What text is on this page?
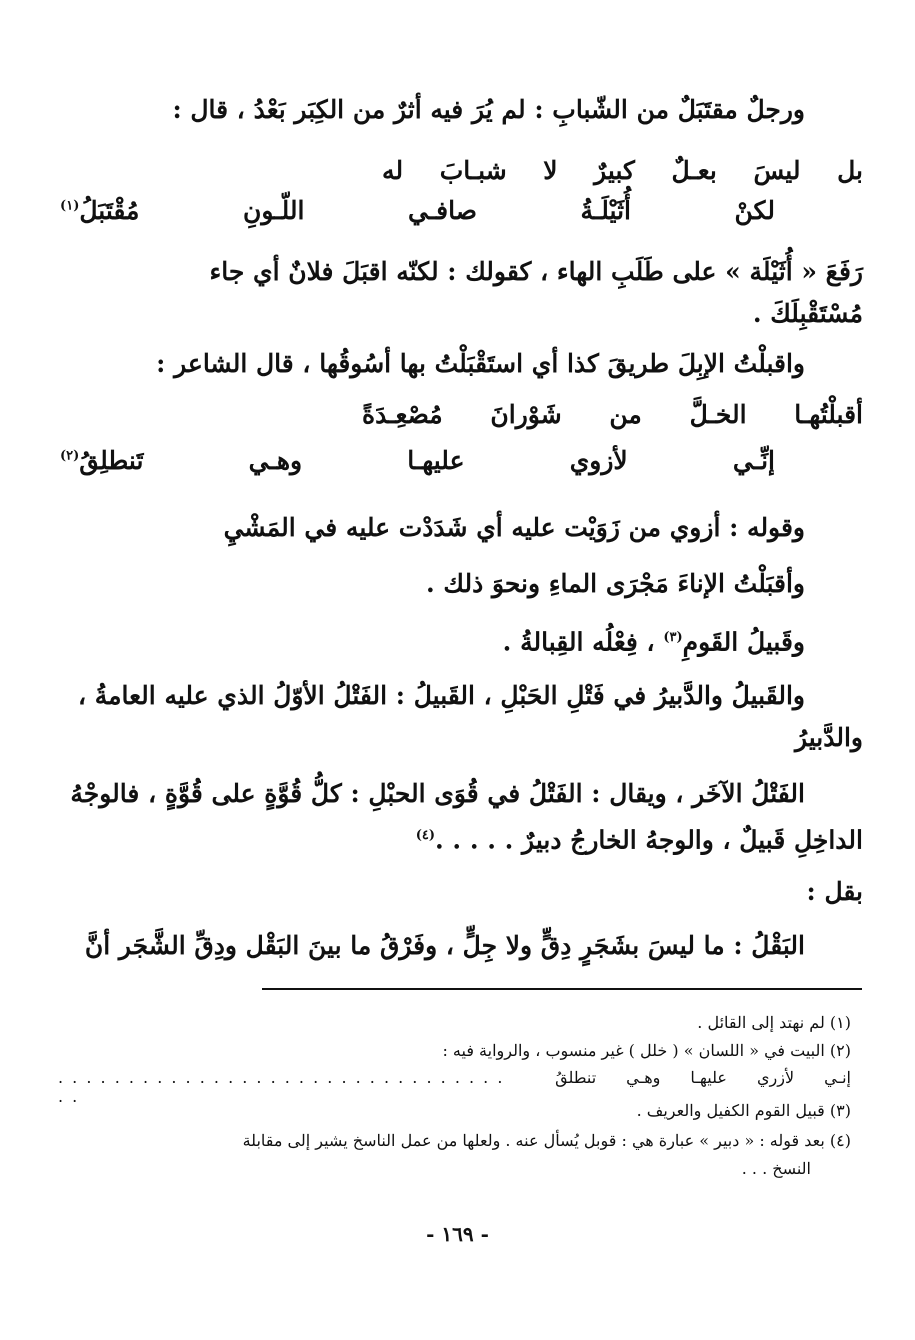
ورجلٌ مقتَبَلٌ من الشّبابِ : لم يُرَ فيه أثرٌ من الكِبَر بَعْدُ ، قال :
بل
ليسَ
بعـلٌ
كبيرٌ
لا
شبـابَ
له
لكنْ
أُثَيْلَـةُ
صافـي
اللّـونِ
مُقْتَبَلُ$^{(١)}$
رَفَعَ « أُثَيْلَة » على طَلَبِ الهاء ، كقولك : لكنّه اقبَلَ فلانٌ أي جاء
مُسْتَقْبِلَكَ .
واقبلْتُ الإبِلَ طريقَ كذا أي استَقْبَلْتُ بها أسُوقُها ، قال الشاعر :
أقبلْتُهـا
الخـلَّ
من
شَوْرانَ
مُصْعِـدَةً
إنِّـي
لأزوي
عليهـا
وهـي
تَنطلِقُ$^{(٢)}$
وقوله : أزوي من زَوَيْت عليه أي شَدَدْت عليه في المَشْيِ
وأقبَلْتُ الإناءَ مَجْرَى الماءِ ونحوَ ذلك .
وقَبيلُ القَومِ$^{(٣)}$ ، فِعْلُه القِبالةُ .
والقَبيلُ والدَّبيرُ في فَتْلِ الحَبْلِ ، القَبيلُ : الفَتْلُ الأوّلُ الذي عليه العامةُ ،
والدَّبيرُ
الفَتْلُ الآخَر ، ويقال : الفَتْلُ في قُوَى الحبْلِ : كلُّ قُوَّةٍ على قُوَّةٍ ، فالوجْهُ
الداخِلِ قَبيلٌ ، والوجهُ الخارجُ دبيرٌ . . . . .$^{(٤)}$
بقل :
البَقْلُ : ما ليسَ بشَجَرٍ دِقٍّ ولا جِلٍّ ، وفَرْقُ ما بينَ البَقْل ودِقِّ الشَّجَر أنَّ
(١) لم نهتد إلى القائل .
(٢) البيت في « اللسان » ( خلل ) غير منسوب ، والرواية فيه :
إنـي
لأزري
عليهـا
وهـي
تنطلقُ
. . . . . . . . . . . . . . . . . . . . . . . . . . . . . . . . . .
(٣) قبيل القوم الكفيل والعريف .
(٤) بعد قوله : « دبير » عبارة هي : قوبل يُسأل عنه . ولعلها من عمل الناسخ يشير إلى مقابلة
النسخ . . .
- ١٦٩ -
